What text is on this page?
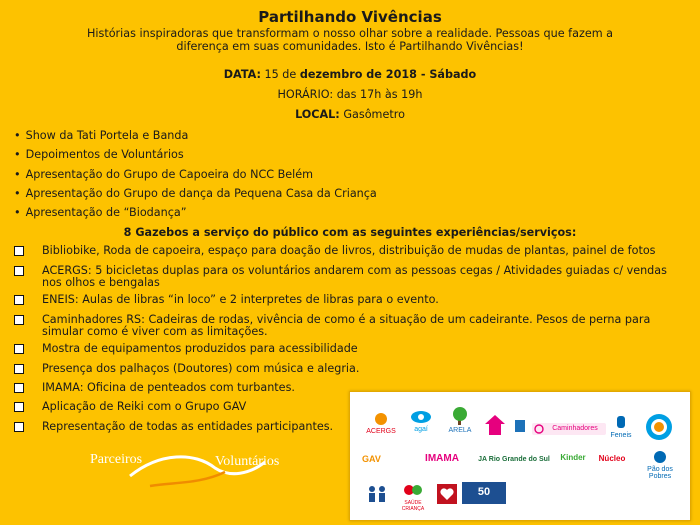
Partilhando Vivências
Histórias inspiradoras que transformam o nosso olhar sobre a realidade. Pessoas que fazem a diferença em suas comunidades. Isto é Partilhando Vivências!
DATA: 15 de dezembro de 2018 - Sábado
HORÁRIO: das 17h às 19h
LOCAL: Gasômetro
• Show da Tati Portela e Banda
• Depoimentos de Voluntários
• Apresentação do Grupo de Capoeira do NCC Belém
• Apresentação do Grupo de dança da Pequena Casa da Criança
• Apresentação de “Biodança”
8 Gazebos a serviço do público com as seguintes experiências/serviços:
Bibliobike, Roda de capoeira, espaço para doação de livros, distribuição de mudas de plantas, painel de fotos
ACERGS: 5 bicicletas duplas para os voluntários andarem com as pessoas cegas / Atividades guiadas c/ vendas nos olhos e bengalas
ENEIS: Aulas de libras “in loco” e 2 interpretes de libras para o evento.
Caminhadores RS: Cadeiras de rodas, vivência de como é a situação de um cadeirante. Pesos de perna para simular como é viver com as limitações.
Mostra de equipamentos produzidos para acessibilidade
Presença dos palhaços (Doutores) com música e alegria.
IMAMA: Oficina de penteados com turbantes.
Aplicação de Reiki com o Grupo GAV
Representação de todas as entidades participantes.
Parceiros	Voluntários
ACERGS	agaí	ARELA	Caminhadores
Feneis
GAV	IMAMA	JA Rio Grande do Sul	Kinder	Núcleo
Pão dos Pobres
SAÚDE CRIANÇA
50
